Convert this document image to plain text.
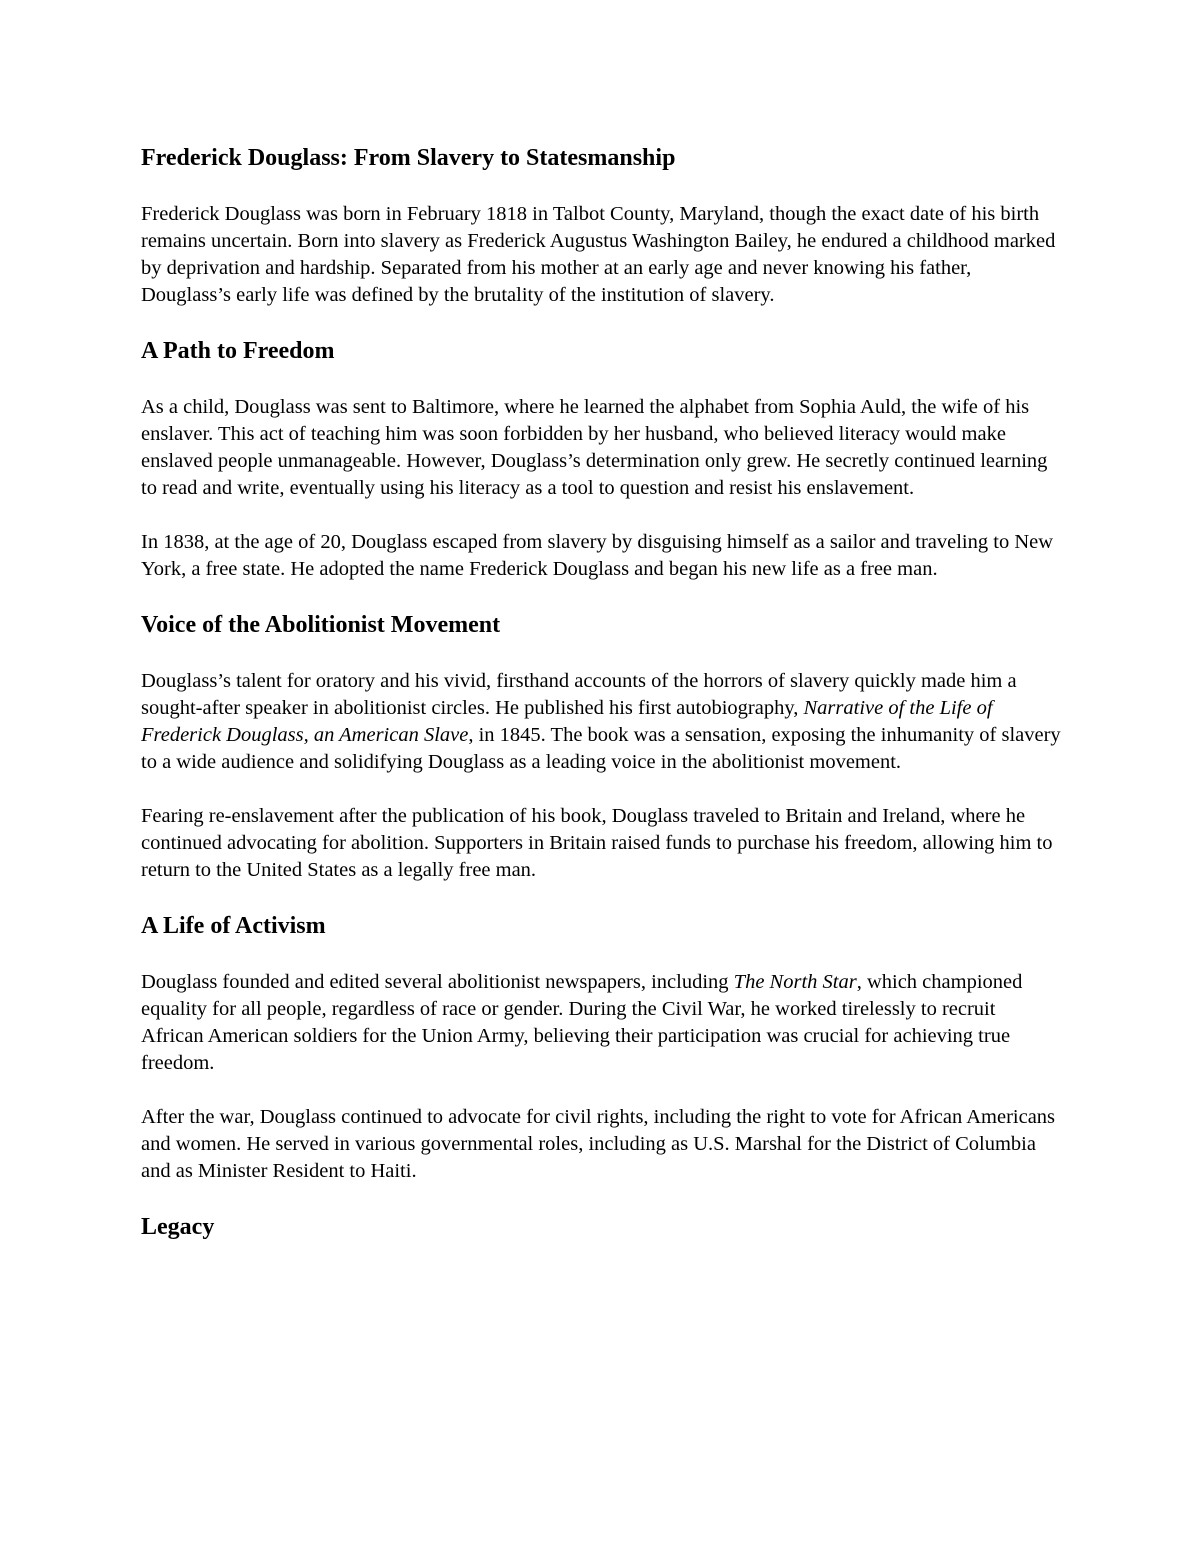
Frederick Douglass: From Slavery to Statesmanship

Frederick Douglass was born in February 1818 in Talbot County, Maryland, though the exact date of his birth remains uncertain. Born into slavery as Frederick Augustus Washington Bailey, he endured a childhood marked by deprivation and hardship. Separated from his mother at an early age and never knowing his father, Douglass’s early life was defined by the brutality of the institution of slavery.

A Path to Freedom

As a child, Douglass was sent to Baltimore, where he learned the alphabet from Sophia Auld, the wife of his enslaver. This act of teaching him was soon forbidden by her husband, who believed literacy would make enslaved people unmanageable. However, Douglass’s determination only grew. He secretly continued learning to read and write, eventually using his literacy as a tool to question and resist his enslavement.

In 1838, at the age of 20, Douglass escaped from slavery by disguising himself as a sailor and traveling to New York, a free state. He adopted the name Frederick Douglass and began his new life as a free man.

Voice of the Abolitionist Movement

Douglass’s talent for oratory and his vivid, firsthand accounts of the horrors of slavery quickly made him a sought-after speaker in abolitionist circles. He published his first autobiography, Narrative of the Life of Frederick Douglass, an American Slave, in 1845. The book was a sensation, exposing the inhumanity of slavery to a wide audience and solidifying Douglass as a leading voice in the abolitionist movement.

Fearing re-enslavement after the publication of his book, Douglass traveled to Britain and Ireland, where he continued advocating for abolition. Supporters in Britain raised funds to purchase his freedom, allowing him to return to the United States as a legally free man.

A Life of Activism

Douglass founded and edited several abolitionist newspapers, including The North Star, which championed equality for all people, regardless of race or gender. During the Civil War, he worked tirelessly to recruit African American soldiers for the Union Army, believing their participation was crucial for achieving true freedom.

After the war, Douglass continued to advocate for civil rights, including the right to vote for African Americans and women. He served in various governmental roles, including as U.S. Marshal for the District of Columbia and as Minister Resident to Haiti.

Legacy
